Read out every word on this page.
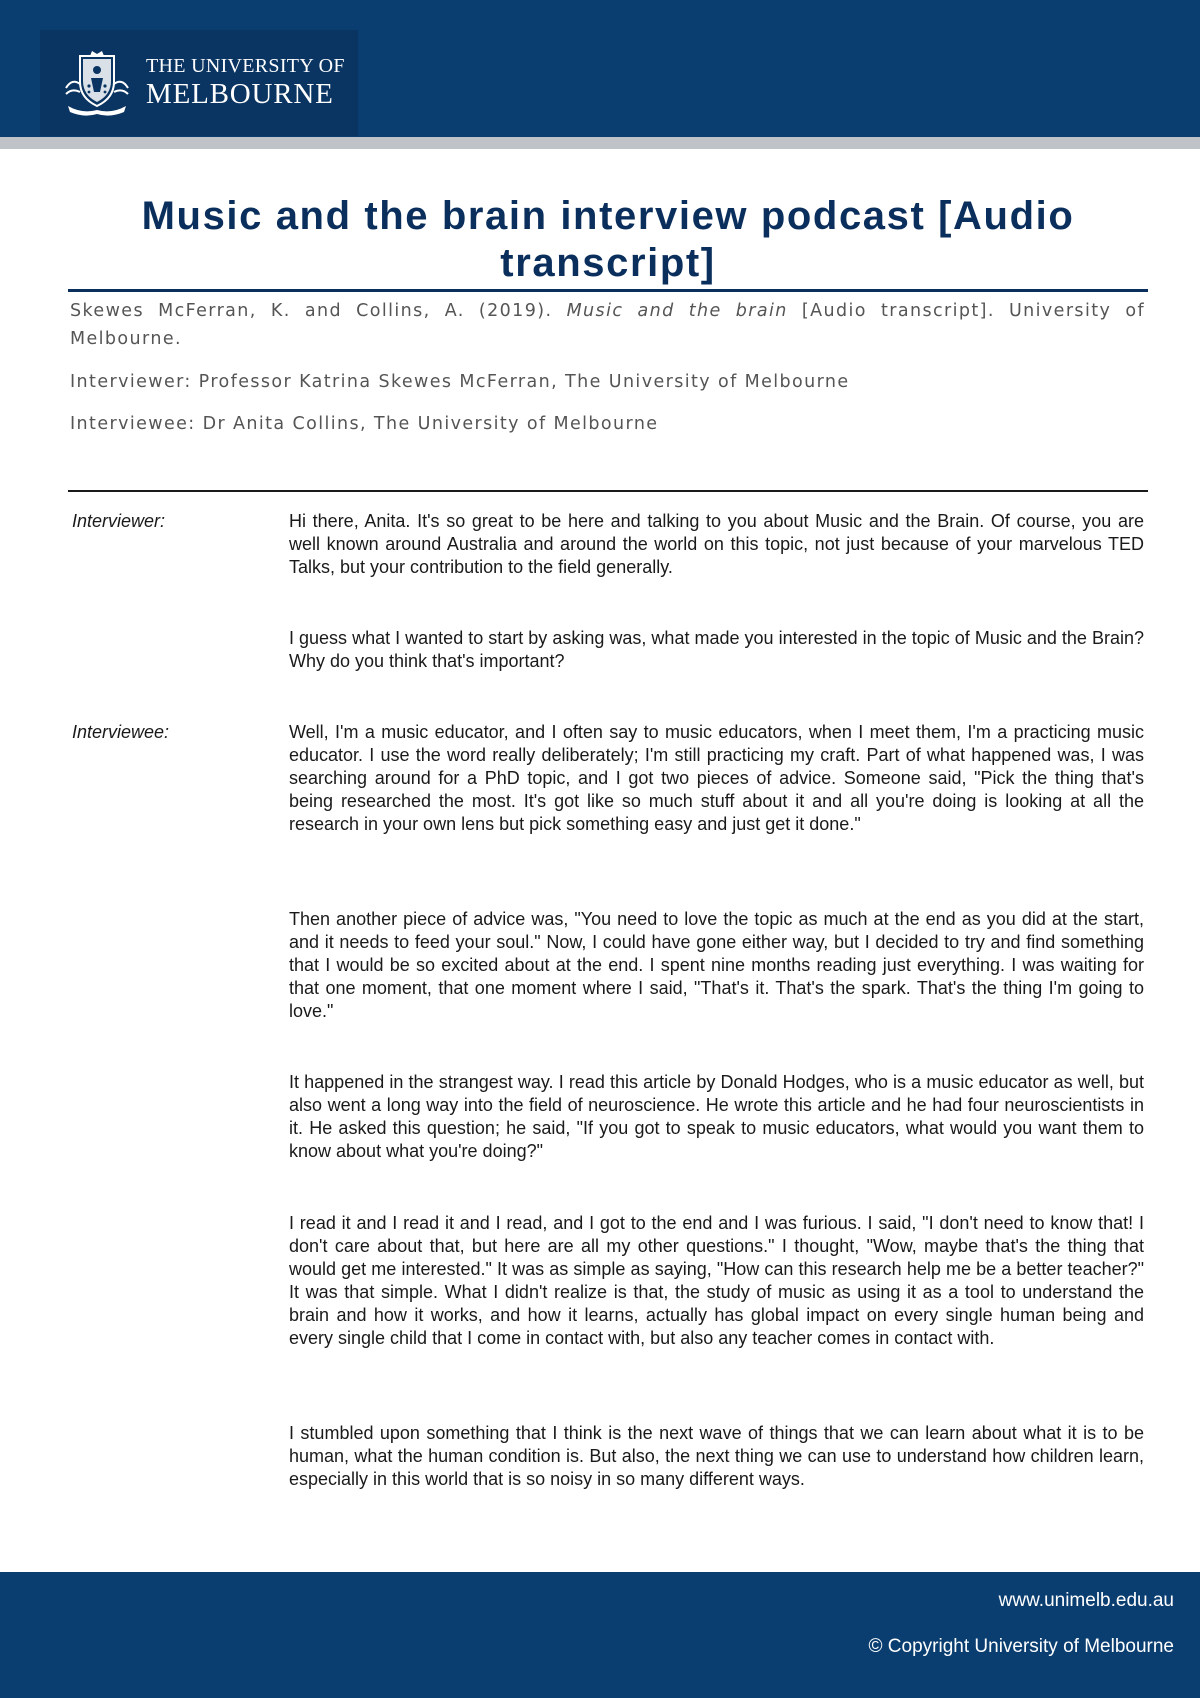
THE UNIVERSITY OF
MELBOURNE
Music and the brain interview podcast [Audio transcript]

Skewes McFerran, K. and Collins, A. (2019). Music and the brain [Audio transcript]. University of Melbourne.

Interviewer: Professor Katrina Skewes McFerran, The University of Melbourne

Interviewee: Dr Anita Collins, The University of Melbourne

Interviewer:	Hi there, Anita. It's so great to be here and talking to you about Music and the Brain. Of course, you are well known around Australia and around the world on this topic, not just because of your marvelous TED Talks, but your contribution to the field generally.

I guess what I wanted to start by asking was, what made you interested in the topic of Music and the Brain? Why do you think that's important?

Interviewee:	Well, I'm a music educator, and I often say to music educators, when I meet them, I'm a practicing music educator. I use the word really deliberately; I'm still practicing my craft. Part of what happened was, I was searching around for a PhD topic, and I got two pieces of advice. Someone said, "Pick the thing that's being researched the most. It's got like so much stuff about it and all you're doing is looking at all the research in your own lens but pick something easy and just get it done."

Then another piece of advice was, "You need to love the topic as much at the end as you did at the start, and it needs to feed your soul." Now, I could have gone either way, but I decided to try and find something that I would be so excited about at the end. I spent nine months reading just everything. I was waiting for that one moment, that one moment where I said, "That's it. That's the spark. That's the thing I'm going to love."

It happened in the strangest way. I read this article by Donald Hodges, who is a music educator as well, but also went a long way into the field of neuroscience. He wrote this article and he had four neuroscientists in it. He asked this question; he said, "If you got to speak to music educators, what would you want them to know about what you're doing?"

I read it and I read it and I read, and I got to the end and I was furious. I said, "I don't need to know that! I don't care about that, but here are all my other questions." I thought, "Wow, maybe that's the thing that would get me interested." It was as simple as saying, "How can this research help me be a better teacher?" It was that simple. What I didn't realize is that, the study of music as using it as a tool to understand the brain and how it works, and how it learns, actually has global impact on every single human being and every single child that I come in contact with, but also any teacher comes in contact with.

I stumbled upon something that I think is the next wave of things that we can learn about what it is to be human, what the human condition is. But also, the next thing we can use to understand how children learn, especially in this world that is so noisy in so many different ways.

www.unimelb.edu.au

© Copyright University of Melbourne
